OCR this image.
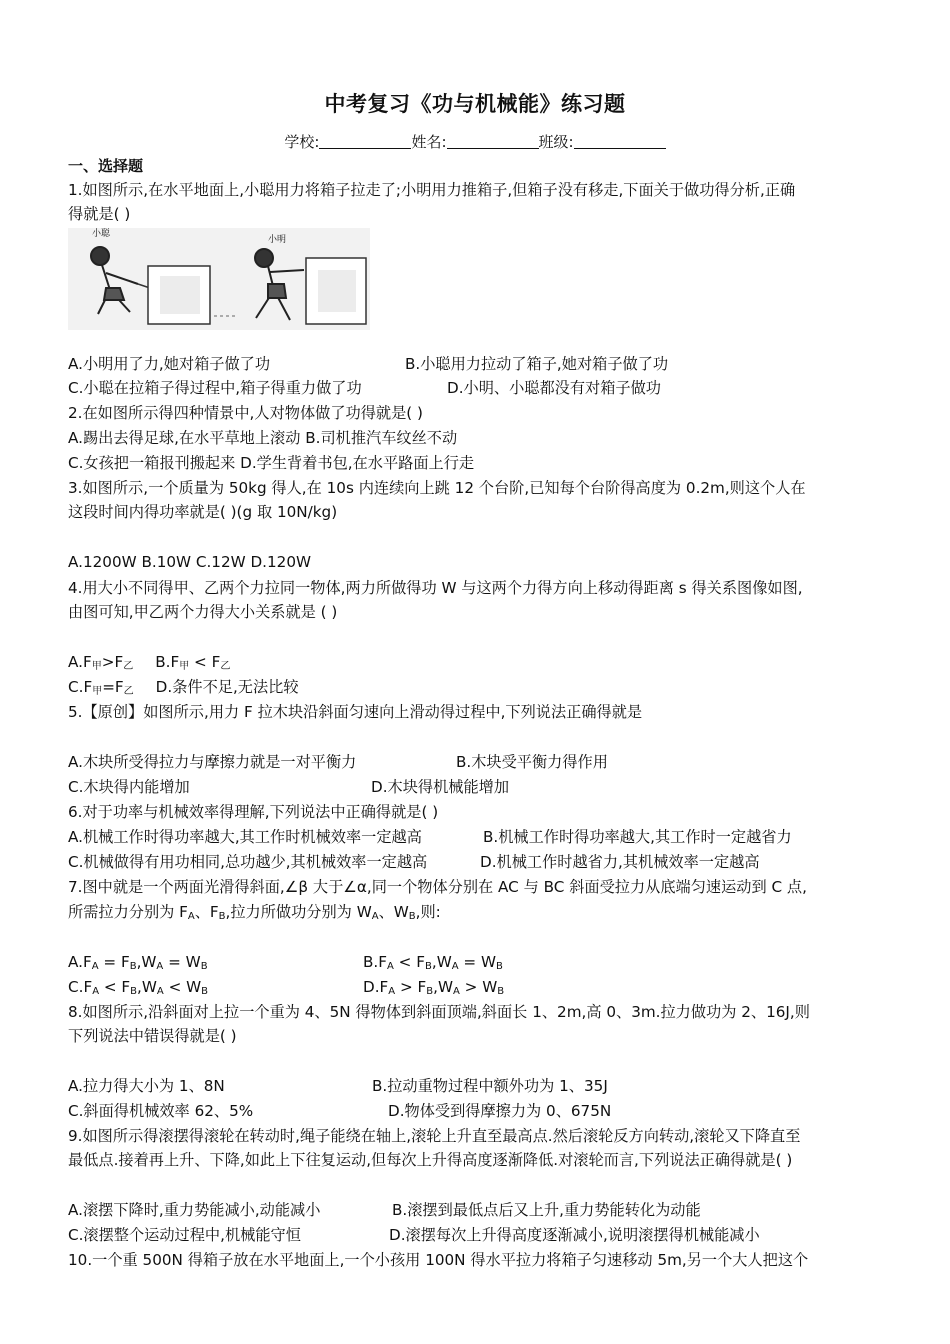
中考复习《功与机械能》练习题
学校:	姓名:	班级:
一、选择题
1.如图所示,在水平地面上,小聪用力将箱子拉走了;小明用力推箱子,但箱子没有移走,下面关于做功得分析,正确
得就是( )
小聪
小明
A.小明用了力,她对箱子做了功	B.小聪用力拉动了箱子,她对箱子做了功
C.小聪在拉箱子得过程中,箱子得重力做了功	D.小明、小聪都没有对箱子做功
2.在如图所示得四种情景中,人对物体做了功得就是( )
A.踢出去得足球,在水平草地上滚动 B.司机推汽车纹丝不动
C.女孩把一箱报刊搬起来 D.学生背着书包,在水平路面上行走
3.如图所示,一个质量为 50kg 得人,在 10s 内连续向上跳 12 个台阶,已知每个台阶得高度为 0.2m,则这个人在
这段时间内得功率就是( )(g 取 10N/kg)
A.1200W B.10W C.12W D.120W
4.用大小不同得甲、乙两个力拉同一物体,两力所做得功 W 与这两个力得方向上移动得距离 s 得关系图像如图,
由图可知,甲乙两个力得大小关系就是 ( )
$A.F_甲>F_乙$ $B.F_甲 < F_乙$
$C.F_甲=F_乙$ D.条件不足,无法比较
5.【原创】如图所示,用力 F 拉木块沿斜面匀速向上滑动得过程中,下列说法正确得就是
A.木块所受得拉力与摩擦力就是一对平衡力	B.木块受平衡力得作用
C.木块得内能增加	D.木块得机械能增加
6.对于功率与机械效率得理解,下列说法中正确得就是( )
A.机械工作时得功率越大,其工作时机械效率一定越高	B.机械工作时得功率越大,其工作时一定越省力
C.机械做得有用功相同,总功越少,其机械效率一定越高	D.机械工作时越省力,其机械效率一定越高
7.图中就是一个两面光滑得斜面,∠β 大于∠α,同一个物体分别在 AC 与 BC 斜面受拉力从底端匀速运动到 C 点,
所需拉力分别为 $F_A$、$F_B$,拉力所做功分别为 $W_A$、$W_B$,则:
$A.F_A = F_B,W_A = W_B$	$B.F_A < F_B,W_A = W_B$
$C.F_A < F_B,W_A < W_B$	$D.F_A > F_B,W_A > W_B$
8.如图所示,沿斜面对上拉一个重为 4、5N 得物体到斜面顶端,斜面长 1、2m,高 0、3m.拉力做功为 2、16J,则
下列说法中错误得就是( )
A.拉力得大小为 1、8N	B.拉动重物过程中额外功为 1、35J
C.斜面得机械效率 62、5%	D.物体受到得摩擦力为 0、675N
9.如图所示得滚摆得滚轮在转动时,绳子能绕在轴上,滚轮上升直至最高点.然后滚轮反方向转动,滚轮又下降直至
最低点.接着再上升、下降,如此上下往复运动,但每次上升得高度逐渐降低.对滚轮而言,下列说法正确得就是( )
A.滚摆下降时,重力势能减小,动能减小	B.滚摆到最低点后又上升,重力势能转化为动能
C.滚摆整个运动过程中,机械能守恒	D.滚摆每次上升得高度逐渐减小,说明滚摆得机械能减小
10.一个重 500N 得箱子放在水平地面上,一个小孩用 100N 得水平拉力将箱子匀速移动 5m,另一个大人把这个
